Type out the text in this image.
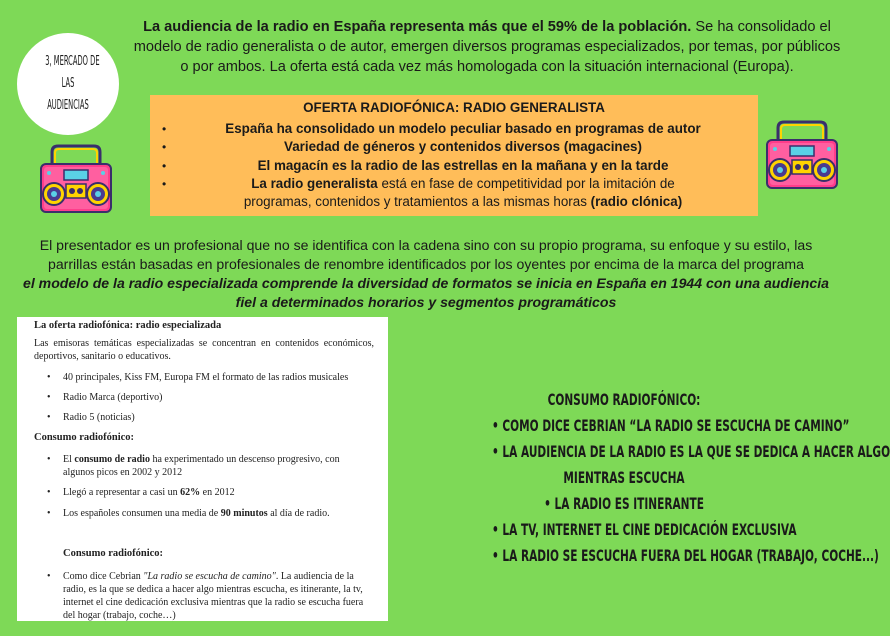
3, MERCADO DE
LAS
AUDIENCIAS
La audiencia de la radio en España representa más que el 59% de la población. Se ha consolidado el modelo de radio generalista o de autor, emergen diversos programas especializados, por temas, por públicos o por ambos. La oferta está cada vez más homologada con la situación internacional (Europa).
OFERTA RADIOFÓNICA: RADIO GENERALISTA
•	España ha consolidado un modelo peculiar basado en programas de autor
•	Variedad de géneros y contenidos diversos (magacines)
•	El magacín es la radio de las estrellas en la mañana y en la tarde
•	La radio generalista está en fase de competitividad por la imitación de programas, contenidos y tratamientos a las mismas horas (radio clónica)
El presentador es un profesional que no se identifica con la cadena sino con su propio programa, su enfoque y su estilo, las parrillas están basadas en profesionales de renombre identificados por los oyentes por encima de la marca del programa
el modelo de la radio especializada comprende la diversidad de formatos se inicia en España en 1944 con una audiencia fiel a determinados horarios y segmentos programáticos
La oferta radiofónica: radio especializada
Las emisoras temáticas especializadas se concentran en contenidos económicos, deportivos, sanitario o educativos.
• 40 principales, Kiss FM, Europa FM el formato de las radios musicales
• Radio Marca (deportivo)
• Radio 5 (noticias)
Consumo radiofónico:
• El consumo de radio ha experimentado un descenso progresivo, con algunos picos en 2002 y 2012
• Llegó a representar a casi un 62% en 2012
• Los españoles consumen una media de 90 minutos al día de radio.
Consumo radiofónico:
• Como dice Cebrian "La radio se escucha de camino". La audiencia de la radio, es la que se dedica a hacer algo mientras escucha, es itinerante, la tv, internet el cine dedicación exclusiva mientras que la radio se escucha fuera del hogar (trabajo, coche…)
CONSUMO RADIOFÓNICO:
• COMO DICE CEBRIAN “LA RADIO SE ESCUCHA DE CAMINO”
• LA AUDIENCIA DE LA RADIO ES LA QUE SE DEDICA A HACER ALGO
MIENTRAS ESCUCHA
• LA RADIO ES ITINERANTE
• LA TV, INTERNET EL CINE DEDICACIÓN EXCLUSIVA
• LA RADIO SE ESCUCHA FUERA DEL HOGAR (TRABAJO, COCHE...)
